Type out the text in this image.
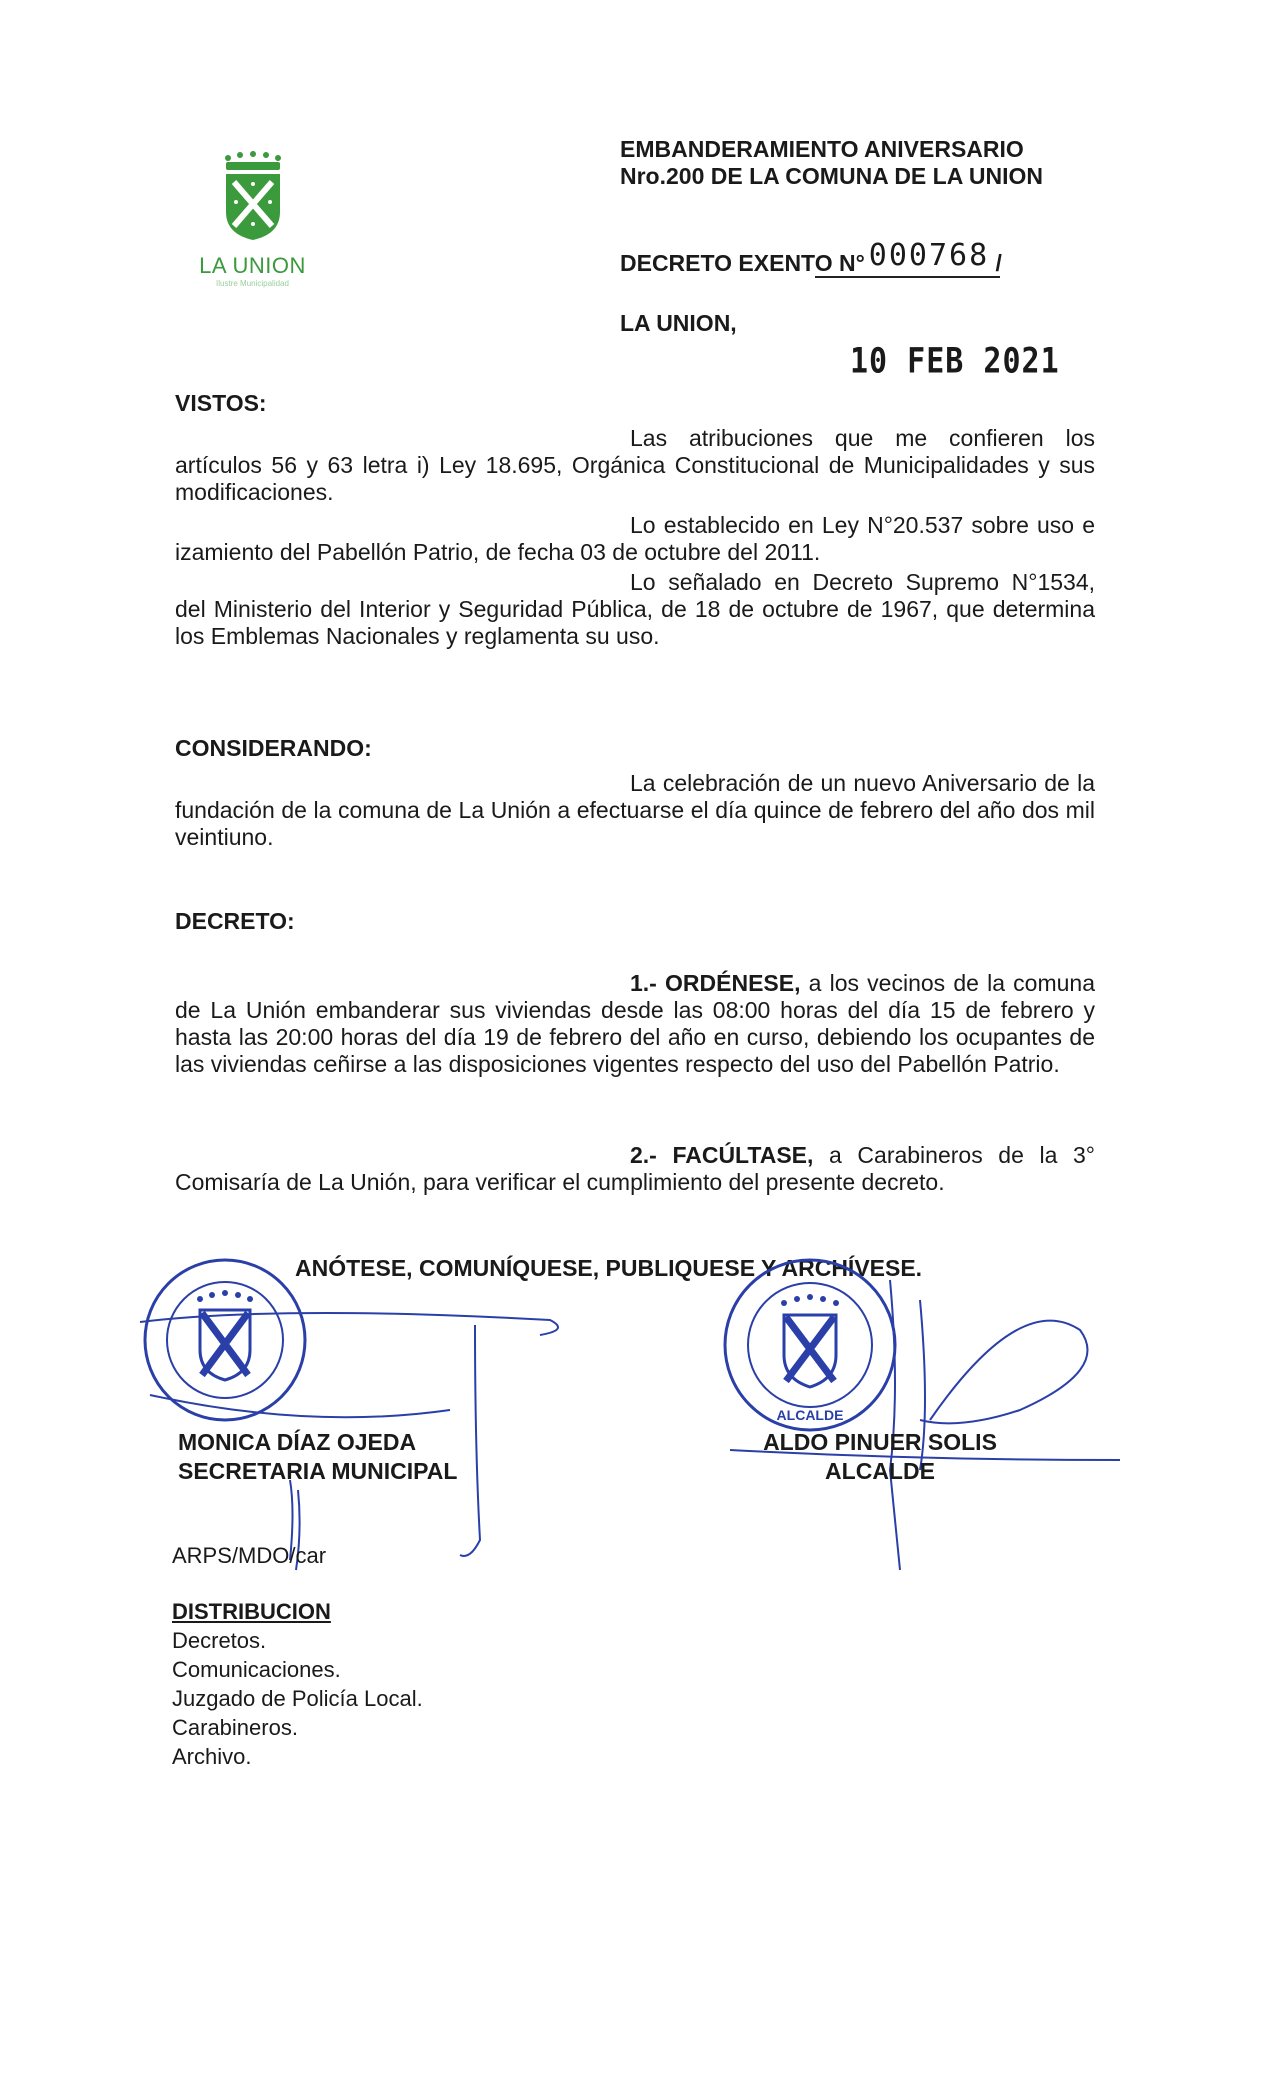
LA UNION
Ilustre Municipalidad
EMBANDERAMIENTO ANIVERSARIO
Nro.200 DE LA COMUNA DE LA UNION
DECRETO EXENTO N° 000768 /
LA UNION,
10 FEB 2021
VISTOS:
Las atribuciones que me confieren los artículos 56 y 63 letra i) Ley 18.695, Orgánica Constitucional de Municipalidades y sus modificaciones.
Lo establecido en Ley N°20.537 sobre uso e izamiento del Pabellón Patrio, de fecha 03 de octubre del 2011.
Lo señalado en Decreto Supremo N°1534, del Ministerio del Interior y Seguridad Pública, de 18 de octubre de 1967, que determina los Emblemas Nacionales y reglamenta su uso.
CONSIDERANDO:
La celebración de un nuevo Aniversario de la fundación de la comuna de La Unión a efectuarse el día quince de febrero del año dos mil veintiuno.
DECRETO:
1.- ORDÉNESE, a los vecinos de la comuna de La Unión embanderar sus viviendas desde las 08:00 horas del día 15 de febrero y hasta las 20:00 horas del día 19 de febrero del año en curso, debiendo los ocupantes de las viviendas ceñirse a las disposiciones vigentes respecto del uso del Pabellón Patrio.
2.- FACÚLTASE, a Carabineros de la 3° Comisaría de La Unión, para verificar el cumplimiento del presente decreto.
ANÓTESE, COMUNÍQUESE, PUBLIQUESE Y ARCHÍVESE.
ALCALDE
MONICA DÍAZ OJEDA
SECRETARIA MUNICIPAL
ALDO PINUER SOLIS
ALCALDE
ARPS/MDO/car
DISTRIBUCION
Decretos.
Comunicaciones.
Juzgado de Policía Local.
Carabineros.
Archivo.
